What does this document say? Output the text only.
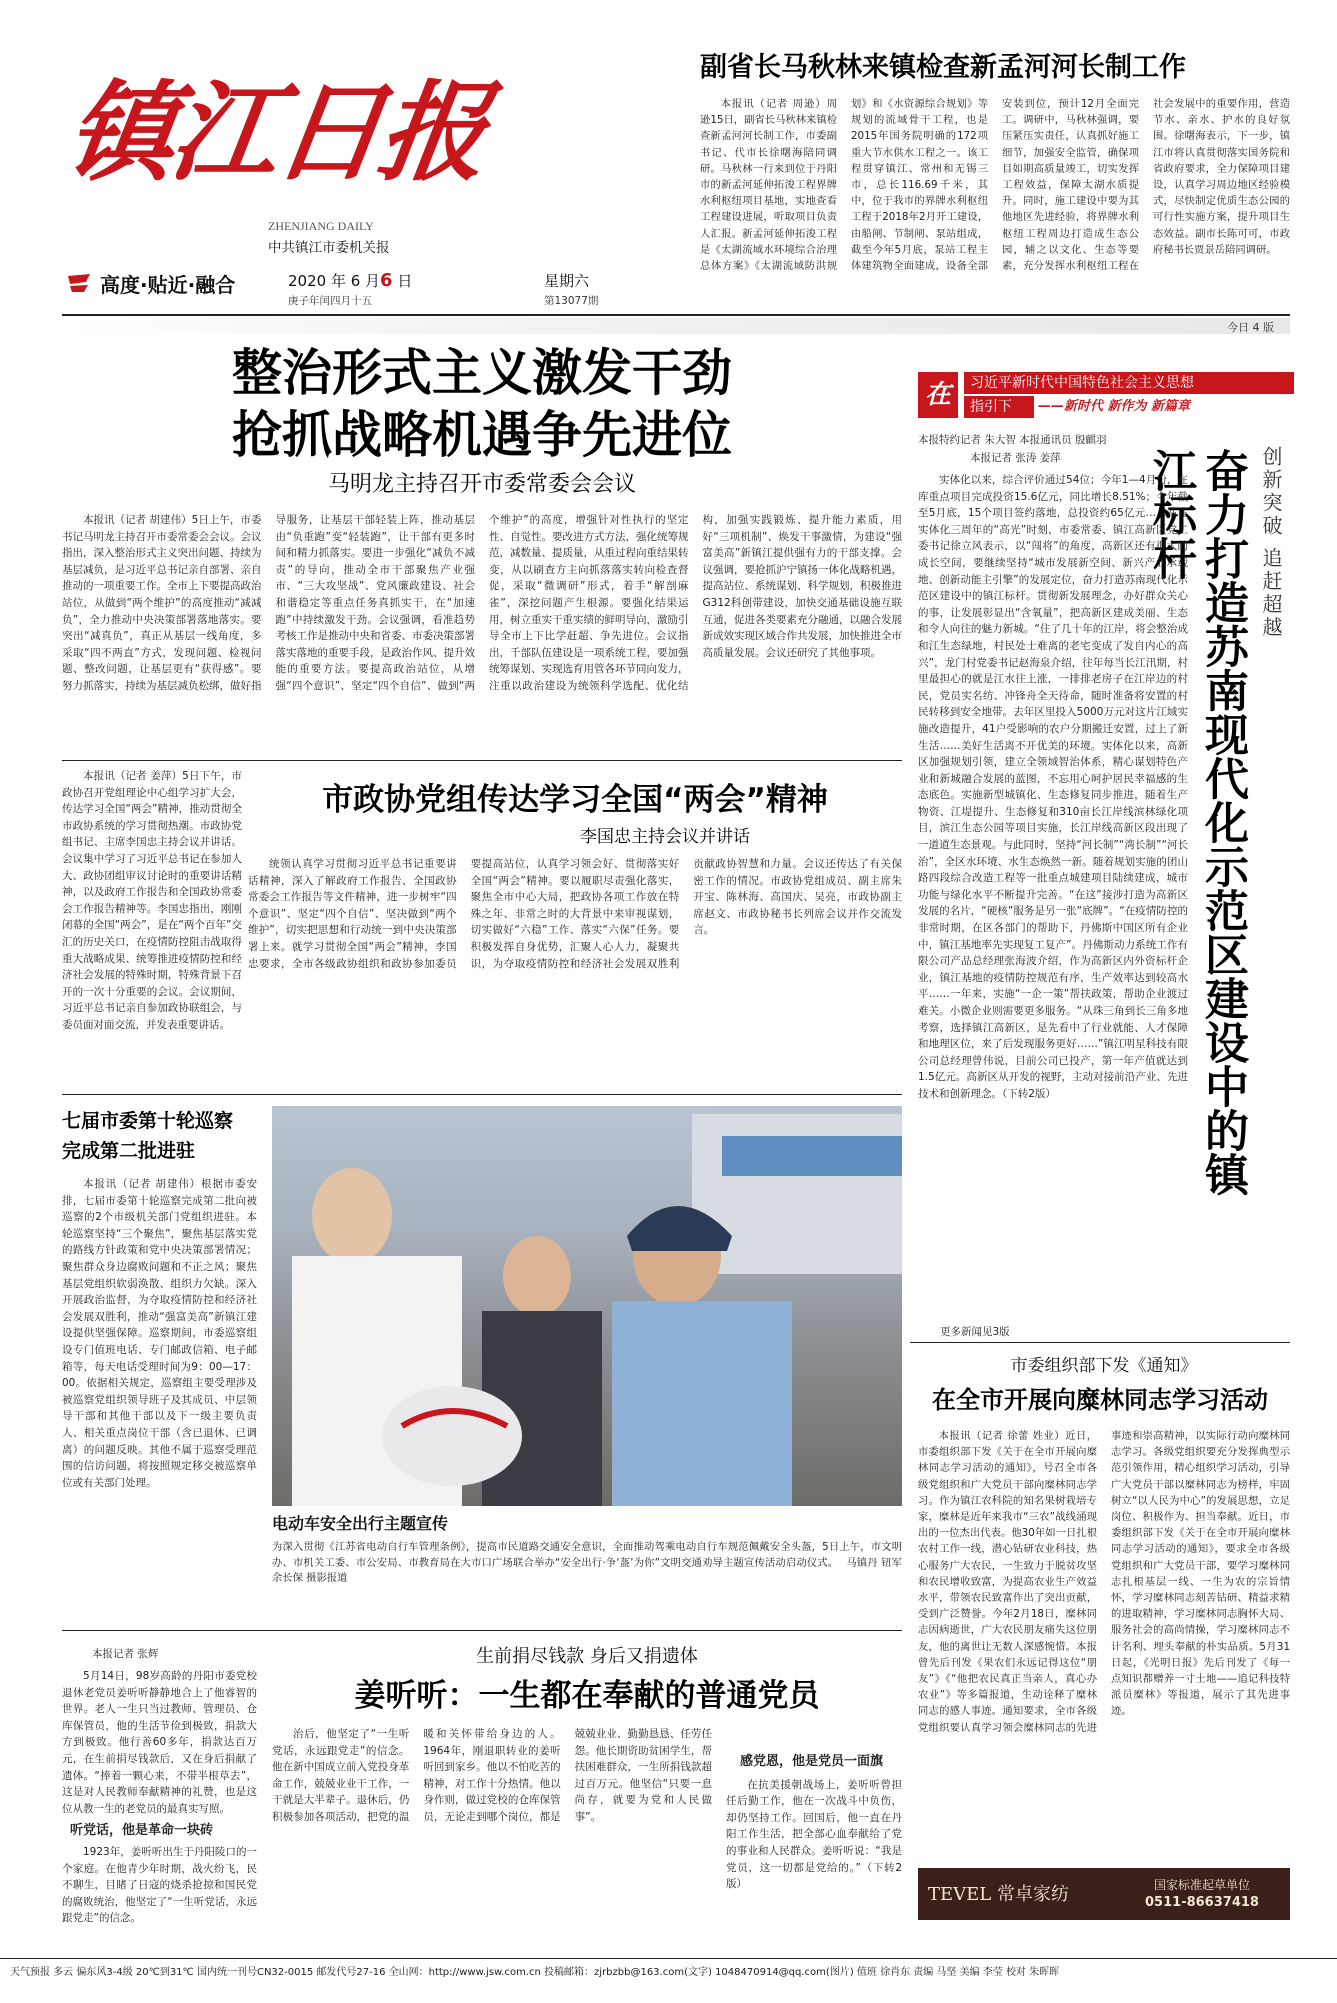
镇江日报
ZHENJIANG DAILY
中共镇江市委机关报
高度·贴近·融合	2020 年 6 月6 日
庚子年闰四月十五
星期六
第13077期
副省长马秋林来镇检查新孟河河长制工作

本报讯（记者 周逊）周逊15日，副省长马秋林来镇检查新孟河河长制工作，市委副书记、代市长徐曙海陪同调研。马秋林一行来到位于丹阳市的新孟河延伸拓浚工程界牌水利枢纽项目基地，实地查看工程建设进展，听取项目负责人汇报。新孟河延伸拓浚工程是《太湖流域水环境综合治理总体方案》《太湖流域防洪规划》和《水资源综合规划》等规划的流域骨干工程，也是2015年国务院明确的172项重大节水供水工程之一。该工程贯穿镇江、常州和无锡三市，总长116.69千米，其中，位于我市的界牌水利枢纽工程于2018年2月开工建设，由船闸、节制闸、泵站组成，截至今年5月底，泵站工程主体建筑物全面建成，设备全部安装到位，预计12月全面完工。调研中，马秋林强调，要压紧压实责任，认真抓好施工细节，加强安全监管，确保项目如期高质量竣工，切实发挥工程效益，保障太湖水质提升。同时，施工建设中要为其他地区先进经验，将界牌水利枢纽工程周边打造成生态公园，辅之以文化、生态等要素，充分发挥水利枢纽工程在社会发展中的重要作用，营造节水、亲水、护水的良好氛围。徐曙海表示，下一步，镇江市将认真贯彻落实国务院和省政府要求，全力保障项目建设，认真学习周边地区经验模式，尽快制定优质生态公园的可行性实施方案，提升项目生态效益。副市长陈可可，市政府秘书长贾景岳陪同调研。

今日 4 版
整治形式主义激发干劲
抢抓战略机遇争先进位
马明龙主持召开市委常委会会议

本报讯（记者 胡建伟）5日上午，市委书记马明龙主持召开市委常委会会议。会议指出，深入整治形式主义突出问题、持续为基层减负，是习近平总书记亲自部署、亲自推动的一项重要工作。全市上下要提高政治站位，从做到“两个维护”的高度推动“减减负”，全力推动中央决策部署落地落实。要突出“减真负”，真正从基层一线角度，多采取“四不两直”方式，发现问题、检视问题、整改问题，让基层更有“获得感”。要努力抓落实，持续为基层减负松绑，做好指导服务，让基层干部轻装上阵，推动基层由“负重跑”变“轻装跑”，让干部有更多时间和精力抓落实。要进一步强化“减负不减责”的导向，推动全市干部聚焦产业强市、“三大攻坚战”、党风廉政建设、社会和谐稳定等重点任务真抓实干，在“加速跑”中持续激发干劲。会议强调，看准趋势考核工作是推动中央和省委、市委决策部署落实落地的重要手段，是政治作风、提升效能的重要方法。要提高政治站位，从增强“四个意识”、坚定“四个自信”、做到“两个维护”的高度，增强针对性执行的坚定性、自觉性。要改进方式方法，强化统筹规范，减数量、提质量，从重过程向重结果转变，从以刷查方主向抓落落实转向检查督促，采取“微调研”形式，着手“解剖麻雀”，深挖问题产生根源。要强化结果运用，树立重实干重实绩的鲜明导向，激励引导全市上下比学赶超、争先进位。会议指出，千部队伍建设是一项系统工程，要加强统筹谋划、实现选育用管各环节同向发力，注重以政治建设为统领科学选配、优化结构，加强实践锻炼、提升能力素质，用好“三项机制”、焕发干事激情，为建设“强富美高”新镇江提供强有力的干部支撑。会议强调，要抢抓沪宁镇扬一体化战略机遇，提高站位、系统谋划、科学规划，积极推进G312科创带建设，加快交通基础设施互联互通，促进各类要素充分融通，以融合发展新成效实现区域合作共发展，加快推进全市高质量发展。会议还研究了其他事项。

本报讯（记者 姜萍）5日下午，市政协召开党组理论中心组学习扩大会，传达学习全国“两会”精神，推动贯彻全市政协系统的学习贯彻热潮。市政协党组书记、主席李国忠主持会议并讲话。会议集中学习了习近平总书记在参加人大、政协团组审议讨论时的重要讲话精神，以及政府工作报告和全国政协常委会工作报告精神等。李国忠指出，刚刚闭幕的全国“两会”，是在“两个百年”交汇的历史关口，在疫情防控阻击战取得重大战略成果、统筹推进疫情防控和经济社会发展的特殊时期，特殊背景下召开的一次十分重要的会议。会议期间，习近平总书记亲自参加政协联组会，与委员面对面交流，并发表重要讲话。

市政协党组传达学习全国“两会”精神
李国忠主持会议并讲话

统领认真学习贯彻习近平总书记重要讲话精神，深入了解政府工作报告、全国政协常委会工作报告等文件精神，进一步树牢“四个意识”、坚定“四个自信”、坚决做到“两个维护”，切实把思想和行动统一到中央决策部署上来。就学习贯彻全国“两会”精神，李国忠要求，全市各级政协组织和政协参加委员要提高站位，认真学习领会好、贯彻落实好全国“两会”精神。要以履职尽责强化落实，聚焦全市中心大局，把政协各项工作放在特殊之年、非常之时的大背景中来审视谋划，切实做好“六稳”工作、落实“六保”任务。要积极发挥自身优势，汇聚人心人力，凝聚共识，为夺取疫情防控和经济社会发展双胜利贡献政协智慧和力量。会议还传达了有关保密工作的情况。市政协党组成员、副主席朱开宝、陈林海、高国庆、吴亮，市政协副主席赵文、市政协秘书长列席会议并作交流发言。

七届市委第十轮巡察
完成第二批进驻

本报讯（记者 胡建伟）根据市委安排，七届市委第十轮巡察完成第二批向被巡察的2个市级机关部门党组织进驻。本轮巡察坚持“三个聚焦”，聚焦基层落实党的路线方针政策和党中央决策部署情况；聚焦群众身边腐败问题和不正之风；聚焦基层党组织软弱涣散、组织力欠缺。深入开展政治监督，为夺取疫情防控和经济社会发展双胜利，推动“强富美高”新镇江建设提供坚强保障。巡察期间，市委巡察组设专门值班电话、专门邮政信箱、电子邮箱等，每天电话受理时间为9：00—17：00。依据相关规定，巡察组主要受理涉及被巡察党组织领导班子及其成员、中层领导干部和其他干部以及下一级主要负责人、相关重点岗位干部（含已退休、已调离）的问题反映。其他不属于巡察受理范围的信访问题，将按照规定移交被巡察单位或有关部门处理。

电动车安全出行主题宣传
为深入贯彻《江苏省电动自行车管理条例》，提高市民道路交通安全意识，全面推动驾乘电动自行车规范佩戴安全头盔，5日上午，市文明办、市机关工委、市公安局、市教育局在大市口广场联合举办“安全出行·争‘盔’为你”文明交通劝导主题宣传活动启动仪式。 马镇丹 钮军 余长保 摄影报道
在	习近平新时代中国特色社会主义思想
指引下	——新时代 新作为 新篇章
本报特约记者 朱大智 本报通讯员 殷麒羽
本报记者 张涛 姜萍	奋力打造苏南现代化示范区建设中的镇江标杆	创新突破 追赶超越

实体化以来，综合评价通过54位；今年1—4月份，在库重点项目完成投资15.6亿元，同比增长8.51%；今年截至5月底，15个项目签约落地，总投资约65亿元……站在实体化三周年的“高光”时刻，市委常委、镇江高新区党工委书记徐立风表示，以“闯将”的角度，高新区还有很大的成长空间，要继续坚持“城市发展新空间、新兴产业承载地、创新动能主引擎”的发展定位，奋力打造苏南现代化示范区建设中的镇江标杆。贯彻新发展理念，办好群众关心的事，让发展彰显出“含氧量”，把高新区建成美丽、生态和令人向往的魅力新城。“住了几十年的江岸，将会整治成和江生态绿地，村民处士难离的老宅变成了发自内心的高兴”，龙门村党委书记赵海泉介绍，往年每当长江汛期，村里最担心的就是江水往上涨，一排排老房子在江岸边的村民，党员实名纺、冲锋舟全天待命，随时准备将安置的村民转移到安全地带。去年区里投入5000万元对这片江域实施改造提升，41户受影响的农户分期搬迁安置，过上了新生活……美好生活离不开优美的环境。实体化以来，高新区加强规划引领，建立全领域智治体系，精心谋划特色产业和新城融合发展的蓝图，不忘用心呵护居民幸福感的生态底色。实施新型城镇化、生态修复同步推进，随着生产物资、江堤提升、生态修复和310亩长江岸线滨林绿化项目，滨江生态公园等项目实施，长江岸线高新区段出现了一道道生态景观。与此同时，坚持“河长制”“湾长制”“河长治”，全区水环境、水生态焕然一新。随着规划实施的团山路四段综合改造工程等一批重点城建项目陆续建成，城市功能与绿化水平不断提升完善。“在这”接涉打造为高新区发展的名片，“硬核”服务是另一张“底牌”。“在疫情防控的非常时期，在区各部门的帮助下，丹佛斯中国区所有企业中，镇江基地率先实现复工复产”。丹佛斯动力系统工作有限公司产品总经理张海波介绍，作为高新区内外资标杆企业，镇江基地的疫情防控规范有序，生产效率达到较高水平……一年来，实施“一企一策”帮扶政策，帮助企业渡过难关。小微企业则需要更多服务。“从珠三角到长三角多地考察，选择镇江高新区，是先看中了行业就能、人才保障和地理区位，来了后发现服务更好……”镇江明星科技有限公司总经理曾伟说，目前公司已投产，第一年产值就达到1.5亿元。高新区从开发的视野，主动对接前沿产业、先进技术和创新理念。（下转2版）

更多新闻见3版
市委组织部下发《通知》
在全市开展向糜林同志学习活动

本报讯（记者 徐蕾 姓业）近日，市委组织部下发《关于在全市开展向糜林同志学习活动的通知》，号召全市各级党组织和广大党员干部向糜林同志学习。作为镇江农科院的知名果树栽培专家，糜林是近年来我市“三农”战线涌现出的一位杰出代表。他30年如一日扎根农村工作一线，潜心钻研农业科技，热心服务广大农民，一生致力于脱贫攻坚和农民增收致富，为提高农业生产效益水平，带领农民致富作出了突出贡献，受到广泛赞誉。今年2月18日，糜林同志因病逝世，广大农民朋友痛失这位朋友，他的离世让无数人深感惋惜。本报曾先后刊发《果农们永远记得这位“朋友”》《“他把农民真正当亲人，真心办农业”》等多篇报道，生动诠释了糜林同志的感人事迹。通知要求，全市各级党组织要认真学习领会糜林同志的先进事迹和崇高精神，以实际行动向糜林同志学习。各级党组织要充分发挥典型示范引领作用，精心组织学习活动，引导广大党员干部以糜林同志为榜样，牢固树立“以人民为中心”的发展思想，立足岗位、积极作为、担当奉献。近日，市委组织部下发《关于在全市开展向糜林同志学习活动的通知》，要求全市各级党组织和广大党员干部，要学习糜林同志扎根基层一线、一生为农的宗旨情怀，学习糜林同志刻苦钻研、精益求精的进取精神，学习糜林同志胸怀大局、服务社会的高尚情操，学习糜林同志不计名利、埋头奉献的朴实品质。5月31日起，《光明日报》先后刊发了《每一点知识都赠养一寸土地——追记科技特派员糜林》等报道，展示了其先进事迹。

TEVEL 常卓家纺	国家标准起草单位
0511-86637418
本报记者 张辉	生前捐尽钱款 身后又捐遗体
姜听听：一生都在奉献的普通党员

5月14日，98岁高龄的丹阳市委党校退休老党员姜听听静静地合上了他睿智的世界。老人一生只当过教师、管理员、仓库保管员，他的生活节俭到极致，捐款大方到极致。他行善60多年，捐款达百万元，在生前捐尽钱款后，又在身后捐献了遗体。“捧着一颗心来，不带半根草去”，这是对人民教师奉献精神的礼赞，也是这位从教一生的老党员的最真实写照。

听党话，他是革命一块砖

1923年，姜听听出生于丹阳陵口的一个家庭。在他青少年时期，战火纷飞，民不聊生，目睹了日寇的烧杀抢掠和国民党的腐败统治，他坚定了“一生听党话，永远跟党走”的信念。

治后，他坚定了“一生听党话，永远跟党走”的信念。他在新中国成立前入党投身革命工作，兢兢业业干工作，一干就是大半辈子。退休后，仍积极参加各项活动，把党的温暖和关怀带给身边的人。1964年，刚退职转业的姜听听回到家乡。他以不怕吃苦的精神，对工作十分热情。他以身作则，做过党校的仓库保管员，无论走到哪个岗位，都是兢兢业业、勤勤恳恳、任劳任怨。他长期资助贫困学生，帮扶困难群众，一生所捐钱款超过百万元。他坚信“只要一息尚存，就要为党和人民做事”。

感党恩，他是党员一面旗

在抗美援朝战场上，姜听听曾担任后勤工作，他在一次战斗中负伤，却仍坚持工作。回国后，他一直在丹阳工作生活，把全部心血奉献给了党的事业和人民群众。姜听听说：“我是党员，这一切都是党给的。”（下转2版）

天气预报 多云 偏东风3-4级 20℃到31℃ 国内统一刊号CN32-0015 邮发代号27-16 全山网：http://www.jsw.com.cn 投稿邮箱：zjrbzbb@163.com(文字) 1048470914@qq.com(图片) 值班 徐肖东 责编 马坚 美编 李莹 校对 朱晖晖
